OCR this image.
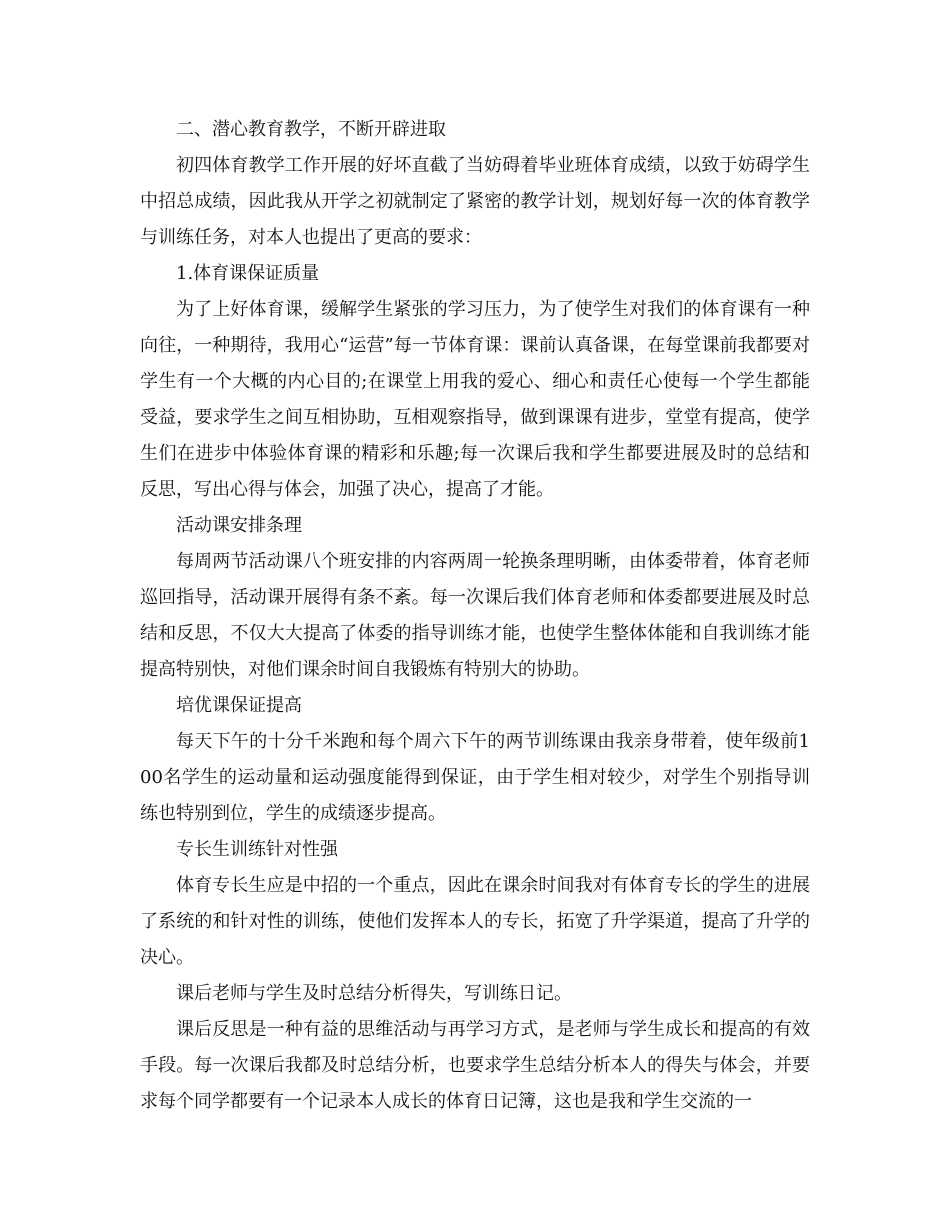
二、潜心教育教学，不断开辟进取

初四体育教学工作开展的好坏直截了当妨碍着毕业班体育成绩，以致于妨碍学生中招总成绩，因此我从开学之初就制定了紧密的教学计划，规划好每一次的体育教学与训练任务，对本人也提出了更高的要求：

1.体育课保证质量

为了上好体育课，缓解学生紧张的学习压力，为了使学生对我们的体育课有一种向往，一种期待，我用心“运营”每一节体育课：课前认真备课，在每堂课前我都要对学生有一个大概的内心目的;在课堂上用我的爱心、细心和责任心使每一个学生都能受益，要求学生之间互相协助，互相观察指导，做到课课有进步，堂堂有提高，使学生们在进步中体验体育课的精彩和乐趣;每一次课后我和学生都要进展及时的总结和反思，写出心得与体会，加强了决心，提高了才能。

活动课安排条理

每周两节活动课八个班安排的内容两周一轮换条理明晰，由体委带着，体育老师巡回指导，活动课开展得有条不紊。每一次课后我们体育老师和体委都要进展及时总结和反思，不仅大大提高了体委的指导训练才能，也使学生整体体能和自我训练才能提高特别快，对他们课余时间自我锻炼有特别大的协助。

培优课保证提高

每天下午的十分千米跑和每个周六下午的两节训练课由我亲身带着，使年级前100名学生的运动量和运动强度能得到保证，由于学生相对较少，对学生个别指导训练也特别到位，学生的成绩逐步提高。

专长生训练针对性强

体育专长生应是中招的一个重点，因此在课余时间我对有体育专长的学生的进展了系统的和针对性的训练，使他们发挥本人的专长，拓宽了升学渠道，提高了升学的决心。

课后老师与学生及时总结分析得失，写训练日记。

课后反思是一种有益的思维活动与再学习方式，是老师与学生成长和提高的有效手段。每一次课后我都及时总结分析，也要求学生总结分析本人的得失与体会，并要求每个同学都要有一个记录本人成长的体育日记簿，这也是我和学生交流的一
